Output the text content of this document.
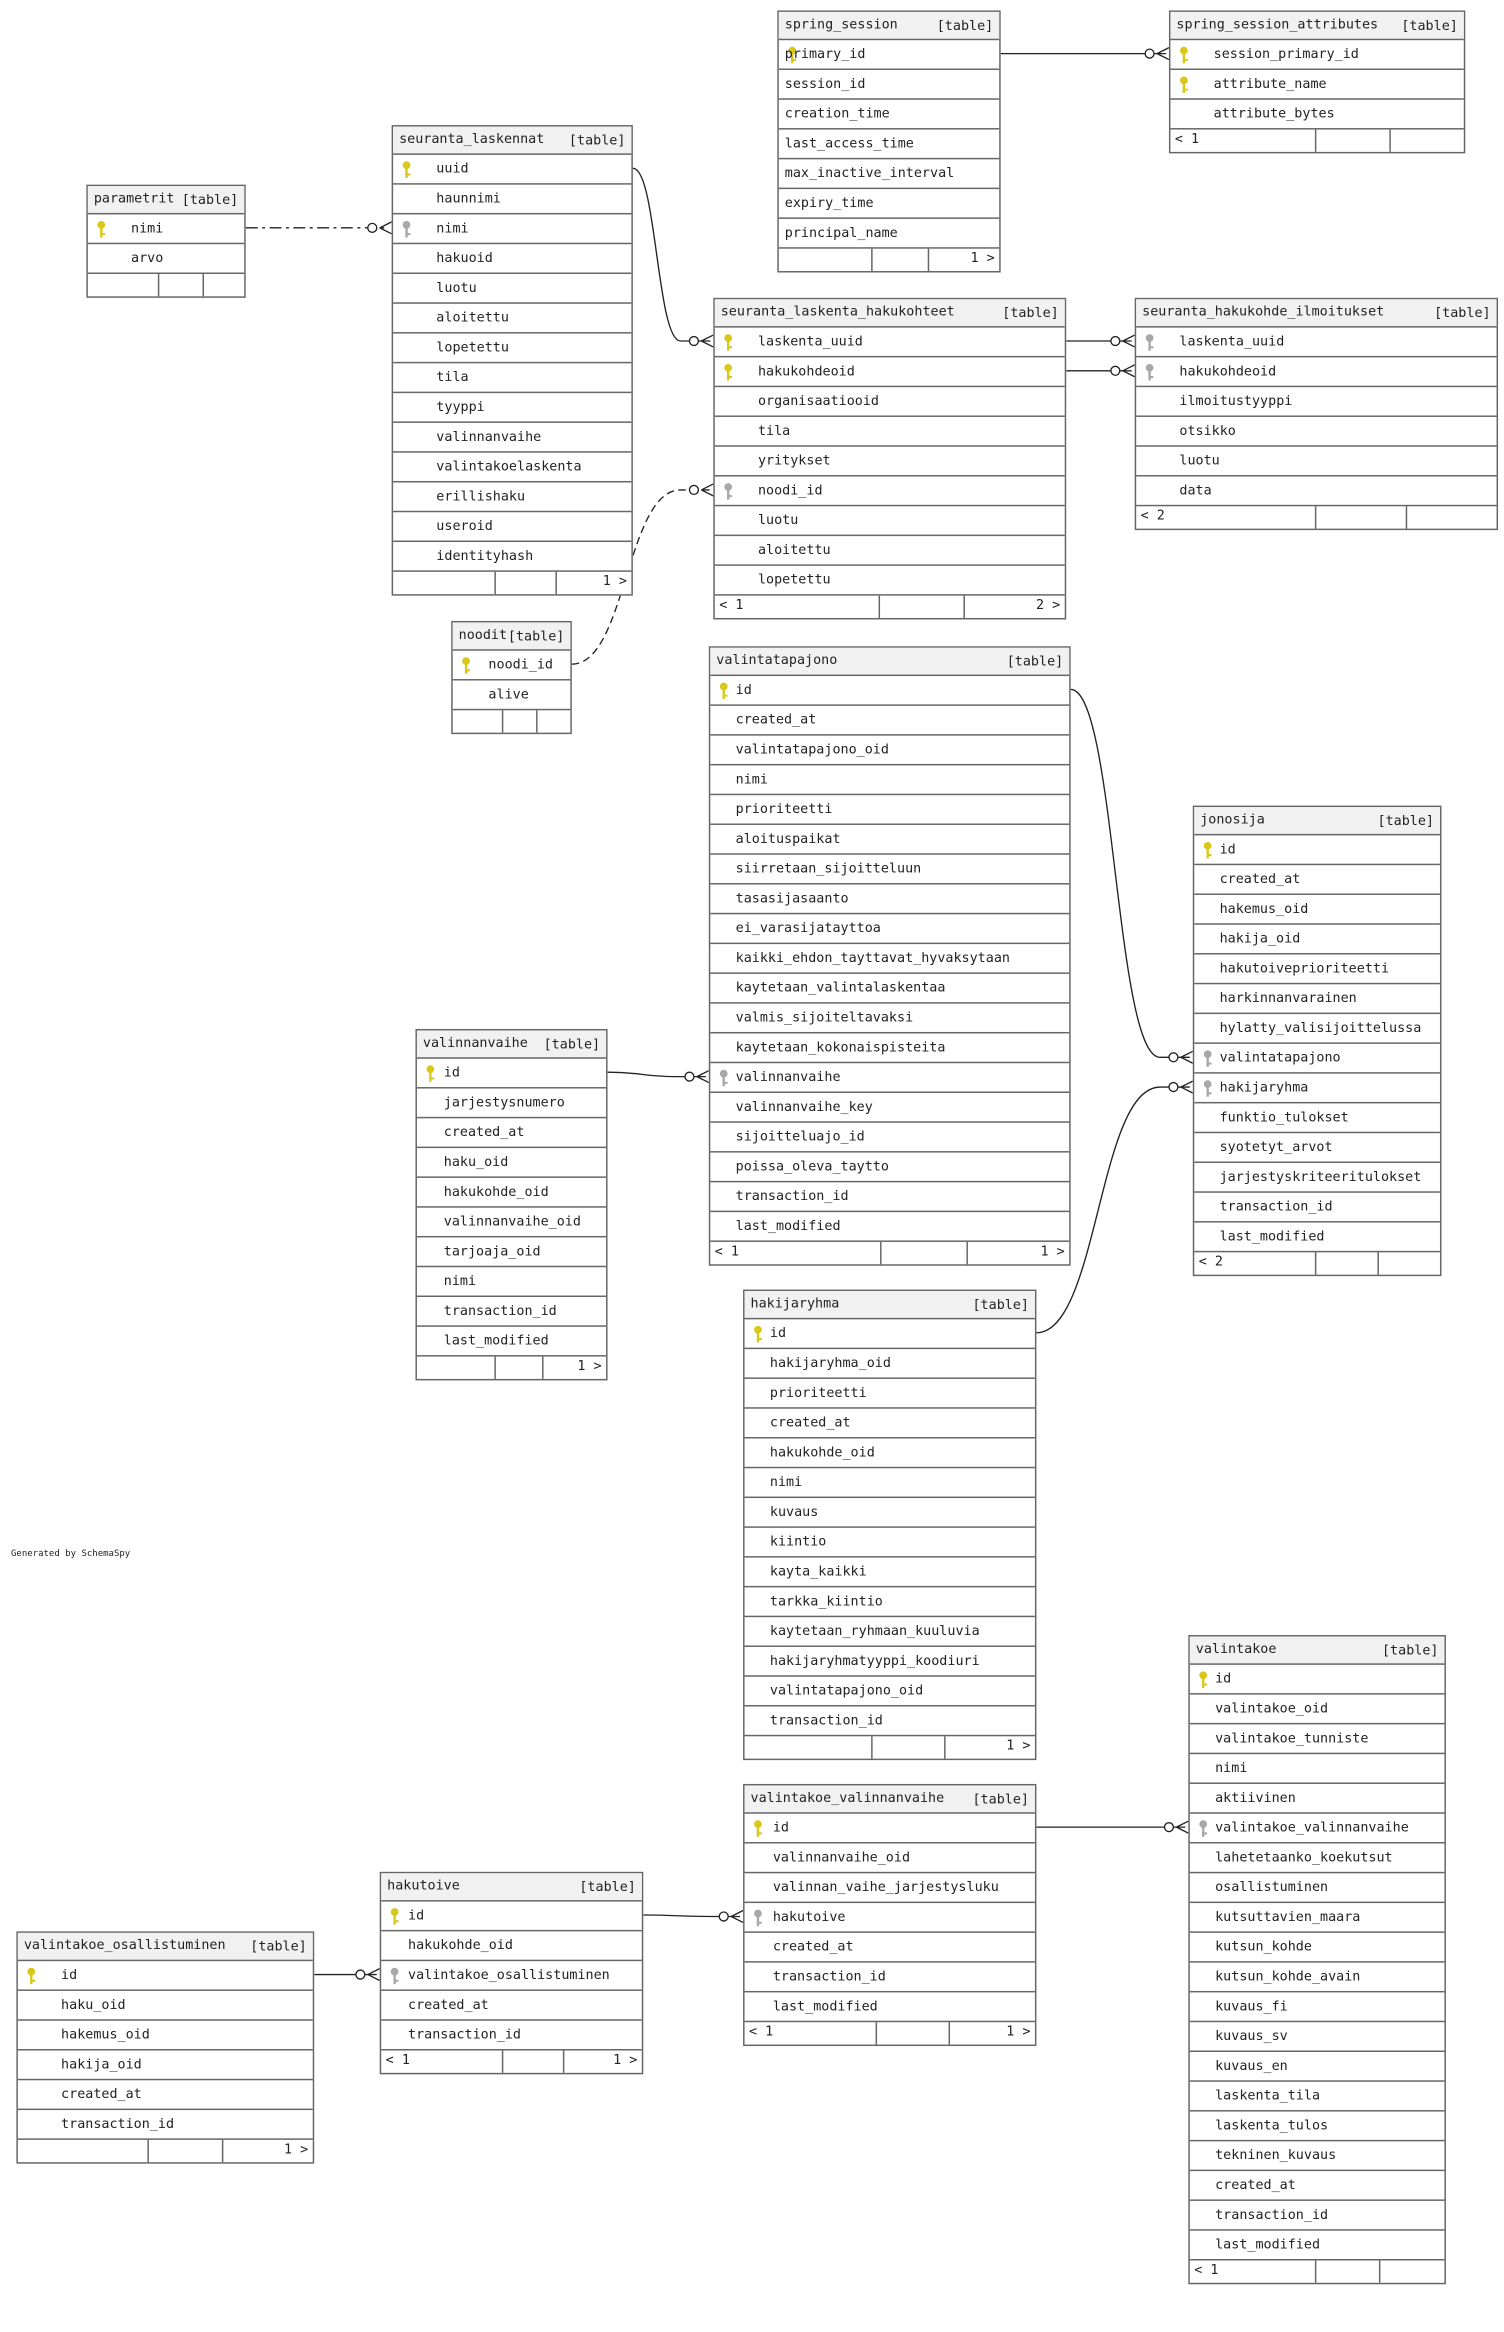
spring_session	[table]
primary_id
session_id
creation_time
last_access_time
max_inactive_interval
expiry_time
principal_name
1 >
spring_session_attributes	[table]
session_primary_id
attribute_name
attribute_bytes
< 1
parametrit [table]
nimi
arvo
seuranta_laskennat	[table]
uuid
haunnimi
nimi
hakuoid
luotu
aloitettu
lopetettu
tila
tyyppi
valinnanvaihe
valintakoelaskenta
erillishaku
useroid
identityhash
1 >
seuranta_laskenta_hakukohteet	[table]
laskenta_uuid
hakukohdeoid
organisaatiooid
tila
yritykset
noodi_id
luotu
aloitettu
lopetettu
< 1	2 >
seuranta_hakukohde_ilmoitukset	[table]
laskenta_uuid
hakukohdeoid
ilmoitustyyppi
otsikko
luotu
data
< 2
noodit [table]
noodi_id
alive
valintatapajono	[table]
id
created_at
valintatapajono_oid
nimi
prioriteetti
aloituspaikat
siirretaan_sijoitteluun
tasasijasaanto
ei_varasijatayttoa
kaikki_ehdon_tayttavat_hyvaksytaan
kaytetaan_valintalaskentaa
valmis_sijoiteltavaksi
kaytetaan_kokonaispisteita
valinnanvaihe
valinnanvaihe_key
sijoitteluajo_id
poissa_oleva_taytto
transaction_id
last_modified
< 1	1 >
jonosija	[table]
id
created_at
hakemus_oid
hakija_oid
hakutoiveprioriteetti
harkinnanvarainen
hylatty_valisijoittelussa
valintatapajono
hakijaryhma
funktio_tulokset
syotetyt_arvot
jarjestyskriteeritulokset
transaction_id
last_modified
< 2
valinnanvaihe [table]
id
jarjestysnumero
created_at
haku_oid
hakukohde_oid
valinnanvaihe_oid
tarjoaja_oid
nimi
transaction_id
last_modified
1 >
hakijaryhma	[table]
id
hakijaryhma_oid
prioriteetti
created_at
hakukohde_oid
nimi
kuvaus
kiintio
kayta_kaikki
tarkka_kiintio
kaytetaan_ryhmaan_kuuluvia
hakijaryhmatyyppi_koodiuri
valintatapajono_oid
transaction_id
1 >
valintakoe	[table]
id
valintakoe_oid
valintakoe_tunniste
nimi
aktiivinen
valintakoe_valinnanvaihe
lahetetaanko_koekutsut
osallistuminen
kutsuttavien_maara
kutsun_kohde
kutsun_kohde_avain
kuvaus_fi
kuvaus_sv
kuvaus_en
laskenta_tila
laskenta_tulos
tekninen_kuvaus
created_at
transaction_id
last_modified
< 1
valintakoe_valinnanvaihe	[table]
id
valinnanvaihe_oid
valinnan_vaihe_jarjestysluku
hakutoive
created_at
transaction_id
last_modified
< 1	1 >
hakutoive	[table]
id
hakukohde_oid
valintakoe_osallistuminen
created_at
transaction_id
< 1	1 >
valintakoe_osallistuminen	[table]
id
haku_oid
hakemus_oid
hakija_oid
created_at
transaction_id
1 >
Generated by SchemaSpy
